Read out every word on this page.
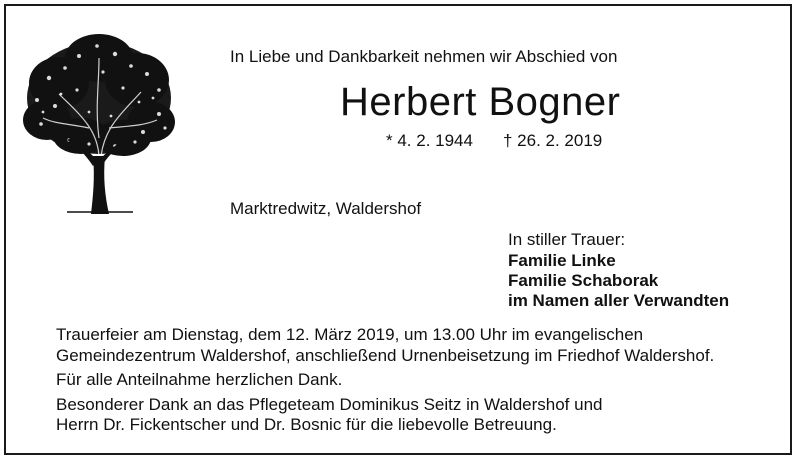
In Liebe und Dankbarkeit nehmen wir Abschied von
Herbert Bogner
* 4. 2. 1944 † 26. 2. 2019
Marktredwitz, Waldershof
In stiller Trauer:
Familie Linke
Familie Schaborak
im Namen aller Verwandten

Trauerfeier am Dienstag, dem 12. März 2019, um 13.00 Uhr im evangelischen

Gemeindezentrum Waldershof, anschließend Urnenbeisetzung im Friedhof Waldershof.

Für alle Anteilnahme herzlichen Dank.

Besonderer Dank an das Pflegeteam Dominikus Seitz in Waldershof und

Herrn Dr. Fickentscher und Dr. Bosnic für die liebevolle Betreuung.
